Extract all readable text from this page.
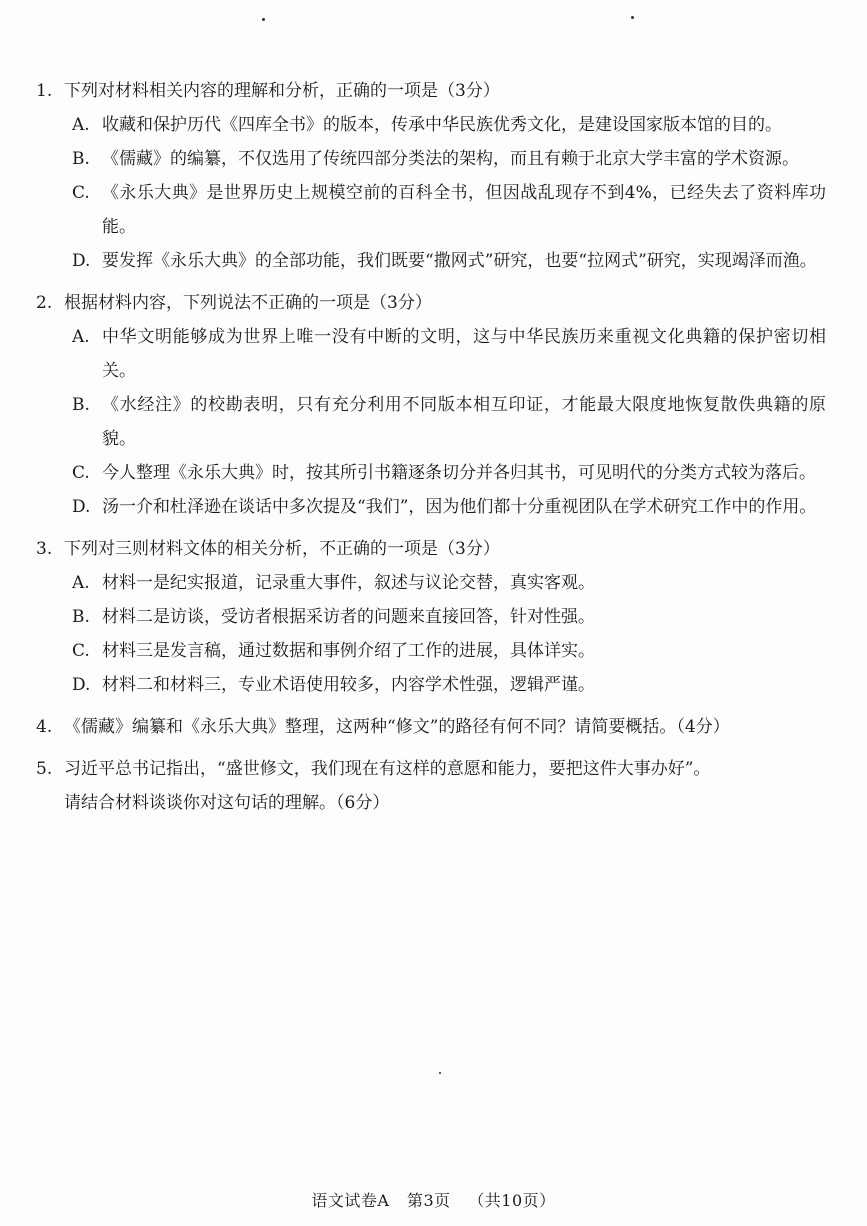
1. 下列对材料相关内容的理解和分析，正确的一项是（3分）
A. 收藏和保护历代《四库全书》的版本，传承中华民族优秀文化，是建设国家版本馆的目的。
B. 《儒藏》的编纂，不仅选用了传统四部分类法的架构，而且有赖于北京大学丰富的学术资源。
C. 《永乐大典》是世界历史上规模空前的百科全书，但因战乱现存不到4%，已经失去了资料库功能。
D. 要发挥《永乐大典》的全部功能，我们既要“撒网式”研究，也要“拉网式”研究，实现竭泽而渔。
2. 根据材料内容，下列说法不正确的一项是（3分）
A. 中华文明能够成为世界上唯一没有中断的文明，这与中华民族历来重视文化典籍的保护密切相关。
B. 《水经注》的校勘表明，只有充分利用不同版本相互印证，才能最大限度地恢复散佚典籍的原貌。
C. 今人整理《永乐大典》时，按其所引书籍逐条切分并各归其书，可见明代的分类方式较为落后。
D. 汤一介和杜泽逊在谈话中多次提及“我们”，因为他们都十分重视团队在学术研究工作中的作用。
3. 下列对三则材料文体的相关分析，不正确的一项是（3分）
A. 材料一是纪实报道，记录重大事件，叙述与议论交替，真实客观。
B. 材料二是访谈，受访者根据采访者的问题来直接回答，针对性强。
C. 材料三是发言稿，通过数据和事例介绍了工作的进展，具体详实。
D. 材料二和材料三，专业术语使用较多，内容学术性强，逻辑严谨。
4. 《儒藏》编纂和《永乐大典》整理，这两种“修文”的路径有何不同？请简要概括。（4分）
5. 习近平总书记指出，“盛世修文，我们现在有这样的意愿和能力，要把这件大事办好”。
请结合材料谈谈你对这句话的理解。（6分）
语文试卷A 第3页 （共10页）
